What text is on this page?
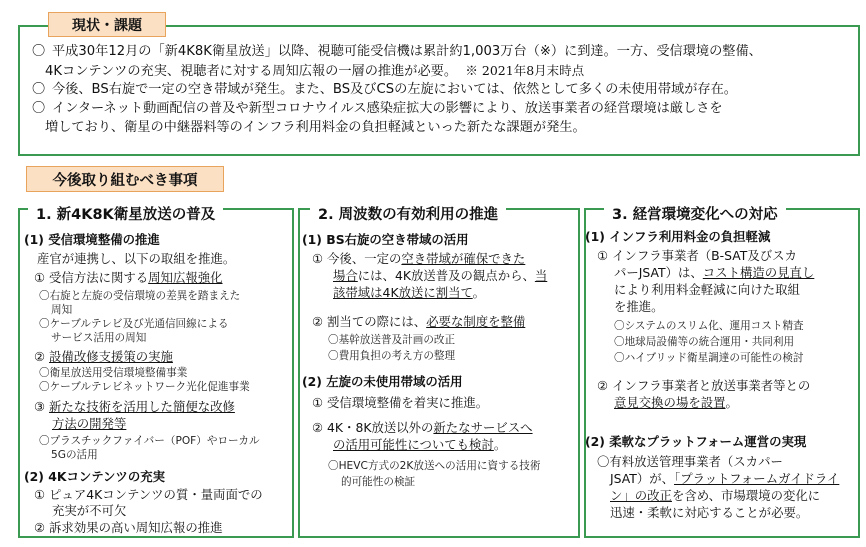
現状・課題
〇 平成30年12月の「新4K8K衛星放送」以降、視聴可能受信機は累計約1,003万台（※）に到達。一方、受信環境の整備、
4Kコンテンツの充実、視聴者に対する周知広報の一層の推進が必要。 ※ 2021年8月末時点
〇 今後、BS右旋で一定の空き帯域が発生。また、BS及びCSの左旋においては、依然として多くの未使用帯域が存在。
〇 インターネット動画配信の普及や新型コロナウイルス感染症拡大の影響により、放送事業者の経営環境は厳しさを
増しており、衛星の中継器料等のインフラ利用料金の負担軽減といった新たな課題が発生。
今後取り組むべき事項
1. 新4K8K衛星放送の普及
(1) 受信環境整備の推進
産官が連携し、以下の取組を推進。
① 受信方法に関する周知広報強化
〇右旋と左旋の受信環境の差異を踏まえた
周知
〇ケーブルテレビ及び光通信回線による
サービス活用の周知
② 設備改修支援策の実施
〇衛星放送用受信環境整備事業
〇ケーブルテレビネットワーク光化促進事業
③ 新たな技術を活用した簡便な改修
方法の開発等
〇プラスチックファイバー（POF）やローカル
5Gの活用
(2) 4Kコンテンツの充実
① ピュア4Kコンテンツの質・量両面での
充実が不可欠
② 訴求効果の高い周知広報の推進
2. 周波数の有効利用の推進
(1) BS右旋の空き帯域の活用
① 今後、一定の空き帯域が確保できた
場合には、4K放送普及の観点から、当
該帯域は4K放送に割当て。
② 割当ての際には、必要な制度を整備
〇基幹放送普及計画の改正
〇費用負担の考え方の整理
(2) 左旋の未使用帯域の活用
① 受信環境整備を着実に推進。
② 4K・8K放送以外の新たなサービスへ
の活用可能性についても検討。
〇HEVC方式の2K放送への活用に資する技術
的可能性の検証
3. 経営環境変化への対応
(1) インフラ利用料金の負担軽減
① インフラ事業者（B-SAT及びスカ
パーJSAT）は、コスト構造の見直し
により利用料金軽減に向けた取組
を推進。
〇システムのスリム化、運用コスト精査
〇地球局設備等の統合運用・共同利用
〇ハイブリッド衛星調達の可能性の検討
② インフラ事業者と放送事業者等との
意見交換の場を設置。
(2) 柔軟なプラットフォーム運営の実現
〇有料放送管理事業者（スカパー
JSAT）が、「プラットフォームガイドライ
ン」の改正を含め、市場環境の変化に
迅速・柔軟に対応することが必要。
